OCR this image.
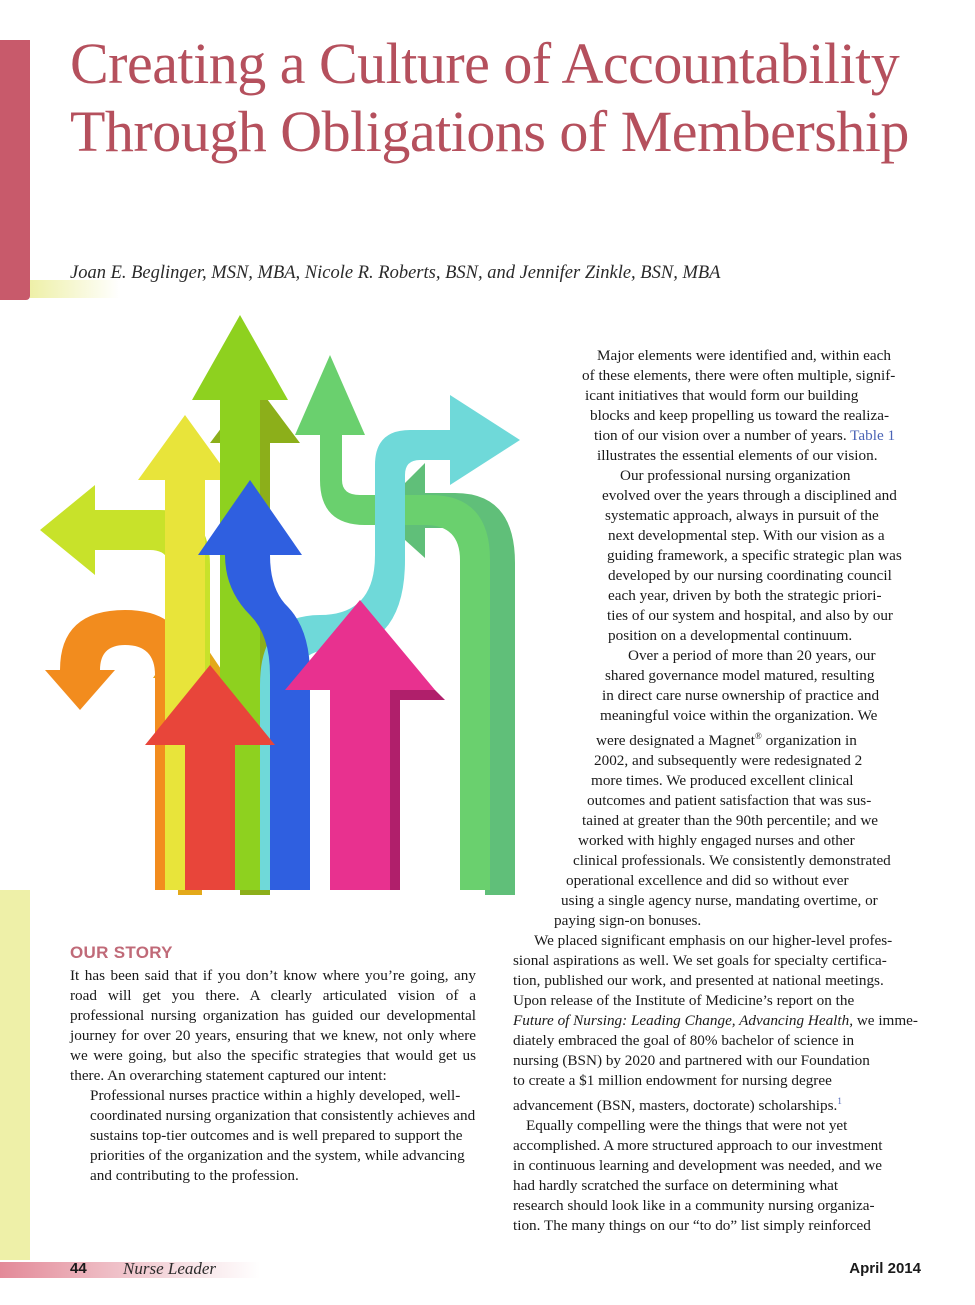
Creating a Culture of Accountability Through Obligations of Membership
Joan E. Beglinger, MSN, MBA, Nicole R. Roberts, BSN, and Jennifer Zinkle, BSN, MBA
Major elements were identified and, within each
of these elements, there were often multiple, signif-
icant initiatives that would form our building
blocks and keep propelling us toward the realiza-
tion of our vision over a number of years. Table 1
illustrates the essential elements of our vision.
Our professional nursing organization
evolved over the years through a disciplined and
systematic approach, always in pursuit of the
next developmental step. With our vision as a
guiding framework, a specific strategic plan was
developed by our nursing coordinating council
each year, driven by both the strategic priori-
ties of our system and hospital, and also by our
position on a developmental continuum.
Over a period of more than 20 years, our
shared governance model matured, resulting
in direct care nurse ownership of practice and
meaningful voice within the organization. We
were designated a Magnet® organization in
2002, and subsequently were redesignated 2
more times. We produced excellent clinical
outcomes and patient satisfaction that was sus-
tained at greater than the 90th percentile; and we
worked with highly engaged nurses and other
clinical professionals. We consistently demonstrated
operational excellence and did so without ever
using a single agency nurse, mandating overtime, or
paying sign-on bonuses.
We placed significant emphasis on our higher-level profes-
sional aspirations as well. We set goals for specialty certifica-
tion, published our work, and presented at national meetings.
Upon release of the Institute of Medicine’s report on the
Future of Nursing: Leading Change, Advancing Health, we imme-
diately embraced the goal of 80% bachelor of science in
nursing (BSN) by 2020 and partnered with our Foundation
to create a $1 million endowment for nursing degree
advancement (BSN, masters, doctorate) scholarships.$^1$
Equally compelling were the things that were not yet
accomplished. A more structured approach to our investment
in continuous learning and development was needed, and we
had hardly scratched the surface on determining what
research should look like in a community nursing organiza-
tion. The many things on our “to do” list simply reinforced
OUR STORY

It has been said that if you don’t know where you’re going, any road will get you there. A clearly articulated vision of a professional nursing organization has guided our developmental journey for over 20 years, ensuring that we knew, not only where we were going, but also the specific strategies that would get us there. An overarching statement captured our intent:

Professional nurses practice within a highly developed, well-coordinated nursing organization that consistently achieves and sustains top-tier outcomes and is well prepared to support the priorities of the organization and the system, while advancing and contributing to the profession.

44 Nurse Leader	April 2014
